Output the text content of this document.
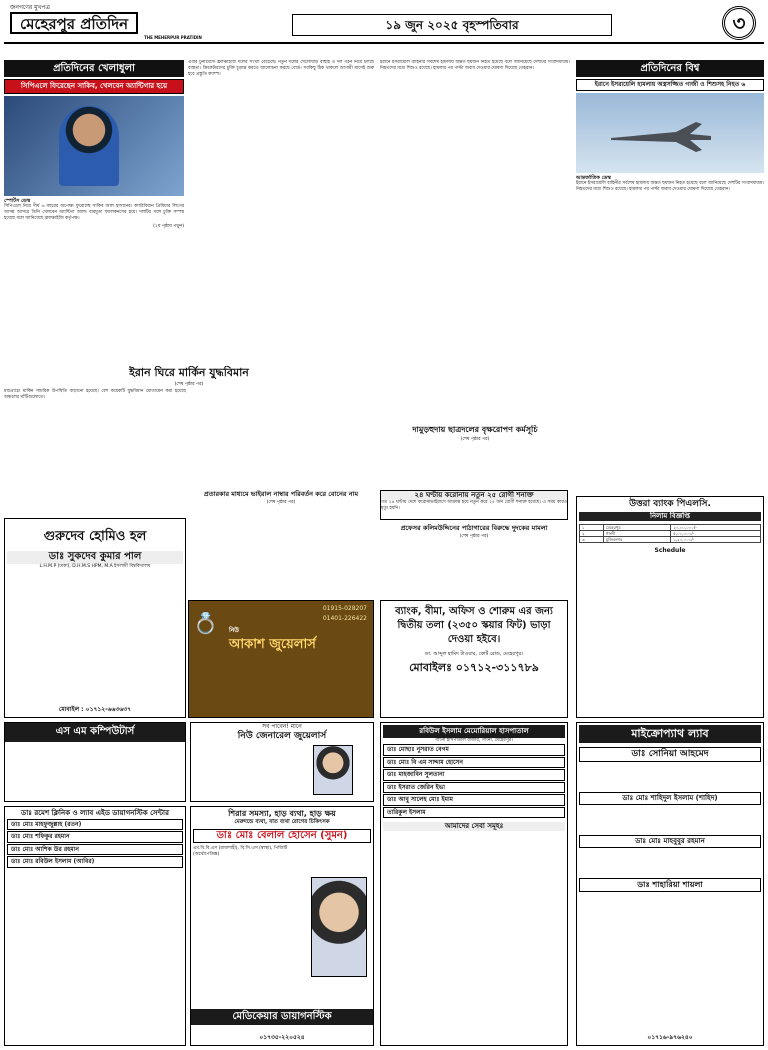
জনগণের মুখপত্র
মেহেরপুর প্রতিদিন
THE MEHERPUR PRATIDIN
১৯ জুন ২০২৫ বৃহস্পতিবার	৩
প্রতিদিনের খেলাধুলা
সিপিএলে ফিরেছেন সাকিব, খেলবেন অ্যান্টিগার হয়ে
স্পোর্টস ডেস্ক
সিপিএলে নিয়ে দীর্ঘ ৬ বছরের অপেক্ষা ফুরোচ্ছে সাকিব আল হাসানের। ক্যারিবিয়ান প্রিমিয়ার লিগের আসন্ন আসরে তিনি খেলবেন অ্যান্টিগা অ্যান্ড বারমুডা ফ্যালকনসের হয়ে। দলটির সঙ্গে চুক্তি সম্পন্ন হয়েছে বলে জানিয়েছে ফ্র্যাঞ্চাইজি কর্তৃপক্ষ।
(২য় পৃষ্ঠায় পড়ুন)
ইরান ঘিরে মার্কিন যুদ্ধবিমান
(শেষ পৃষ্ঠার পর)
মধ্যপ্রাচ্যে মার্কিন সামরিক উপস্থিতি বাড়ানো হয়েছে। বেশ কয়েকটি যুদ্ধবিমান মোতায়েন করা হয়েছে অঞ্চলের ঘাঁটিগুলোতে।
এবার টুর্নামেন্টে ফ্র্যাঞ্চাইজি দলের সংখ্যা বেড়েছে। নতুন দলের খেলোয়াড় বাছাই ও দল গঠন নিয়ে চলছে ব্যস্ততা। ক্রিকেটারদের চুক্তি চূড়ান্ত করতে আলোচনা করছে বোর্ড। সবকিছু ঠিক থাকলে আগামী মাসেই শুরু হবে প্রস্তুতি ক্যাম্প।
ইরানে ইসরায়েলি বাহিনীর সর্বশেষ হামলায় অন্তত ছয়জন নিহত হয়েছে বলে জানিয়েছে দেশটির সংবাদমাধ্যম। নিহতদের মধ্যে শিশুও রয়েছে। হামলার পর পাল্টা জবাব দেওয়ার ঘোষণা দিয়েছে তেহরান।
দামুড়হুদায় ছাত্রদলের বৃক্ষরোপণ কর্মসূচি
(শেষ পৃষ্ঠার পর)
প্রতিদিনের বিশ্ব
ইরানে ইসরায়েলি হামলায় অস্ত্রসজ্জিত গাজী ও শিশুসহ নিহত ৬
আন্তর্জাতিক ডেস্ক
ইরানে ইসরায়েলি বাহিনীর সর্বশেষ হামলায় অন্তত ছয়জন নিহত হয়েছে বলে জানিয়েছে দেশটির সংবাদমাধ্যম। নিহতদের মধ্যে শিশুও রয়েছে। হামলার পর পাল্টা জবাব দেওয়ার ঘোষণা দিয়েছে তেহরান।
২৪ ঘণ্টায় করোনায় নতুন ২৫ রোগী শনাক্ত
গত ২৪ ঘণ্টায় দেশে করোনাভাইরাসে আক্রান্ত হয়ে নতুন করে ২৫ জন রোগী শনাক্ত হয়েছে। এ সময় কারও মৃত্যু হয়নি।
প্রতারকার মাধ্যমে ভাইরাল নাম্বার পরিবর্তন করে বোনের নাম
(শেষ পৃষ্ঠার পর)
প্রফেসর কলিমউদ্দিনের পাঠাগারের বিরুদ্ধে দুদকের মামলা
(শেষ পৃষ্ঠার পর)
গুরুদেব হোমিও হল
ডাঃ সুকদেব কুমার পাল
L.H.M.P (ঢাকা), D.H.M.S HPM, M.A ইসলামী বিশ্ববিদ্যালয়
মোবাইল : ০১৭১২-৬৬৩৬৩৭
💍 নিউ
আকাশ জুয়েলার্স
01915-028207
01401-226422
ব্যাংক, বীমা, অফিস ও শোরুম এর জন্য দ্বিতীয় তলা (২৩৫০ স্কয়ার ফিট) ভাড়া দেওয়া হইবে।
ডা. আব্দুল হামিদ টাওয়ার, কোর্ট রোড, মেহেরপুর।
মোবাইলঃ ০১৭১২-৩১১৭৮৯
উত্তরা ব্যাংক পিএলসি.
নিলাম বিজ্ঞপ্তি
১	মেহেরপুর	২০,০০,০০০/-
২	গাংনী	৫,০০,০০০/-
৩	মুজিবনগর	১,২০,০০০/-
Schedule
এস এম কম্পিউটার্স
ডাঃ রমেশ ক্লিনিক ও ল্যাব এইড ডায়াগনস্টিক সেন্টার
ডাঃ মোঃ মাহফুজুল্লাহ (রতন)
ডাঃ মোঃ শফিকুর রহমান
ডাঃ মোঃ আশিক উর রহমান
ডাঃ মোঃ রবিউল ইসলাম (আবির)
সব পাবেন! মানে
নিউ জেনারেল জুয়েলার্স
শিরার সমস্যা, হাড় ব্যথা, হাড় ক্ষয়
মেরুদন্ডে ব্যথা, বাত ব্যথা রোগের চিকিৎসক
ডাঃ মোঃ বেলাল হোসেন (সুমন)
এম.বি.বি.এস (রাজশাহী), বি.সি.এস (স্বাস্থ্য), পিজিটি (অর্থোপেডিক্স)
মেডিকেয়ার ডায়াগনস্টিক
০১৭৩৫-২২০৫২৪
রবিউল ইসলাম মেমোরিয়াল হাসপাতাল
গাংনী হাসপাতাল বাজার, গাংনী, মেহেরপুর।
ডাঃ মোছাঃ নুসরাত বেগম
ডাঃ মোঃ বি এম সাদ্দাম হোসেন
ডাঃ মাহজাবিন সুলতানা
ডাঃ ইসরাত জেরিন ইভা
ডাঃ আবু সালেহ মোঃ ইমাম
তারিকুল ইসলাম
আমাদের সেবা সমূহঃ
মাইক্রোপ্যাথ ল্যাব
ডাঃ সোনিয়া আহমেদ
ডাঃ মোঃ শাহিদুল ইসলাম (শাহিদ)
ডাঃ মোঃ মাহবুবুর রহমান
ডাঃ শাহারিয়া শায়লা
০১৭১৬-৯৭৬২৪০
